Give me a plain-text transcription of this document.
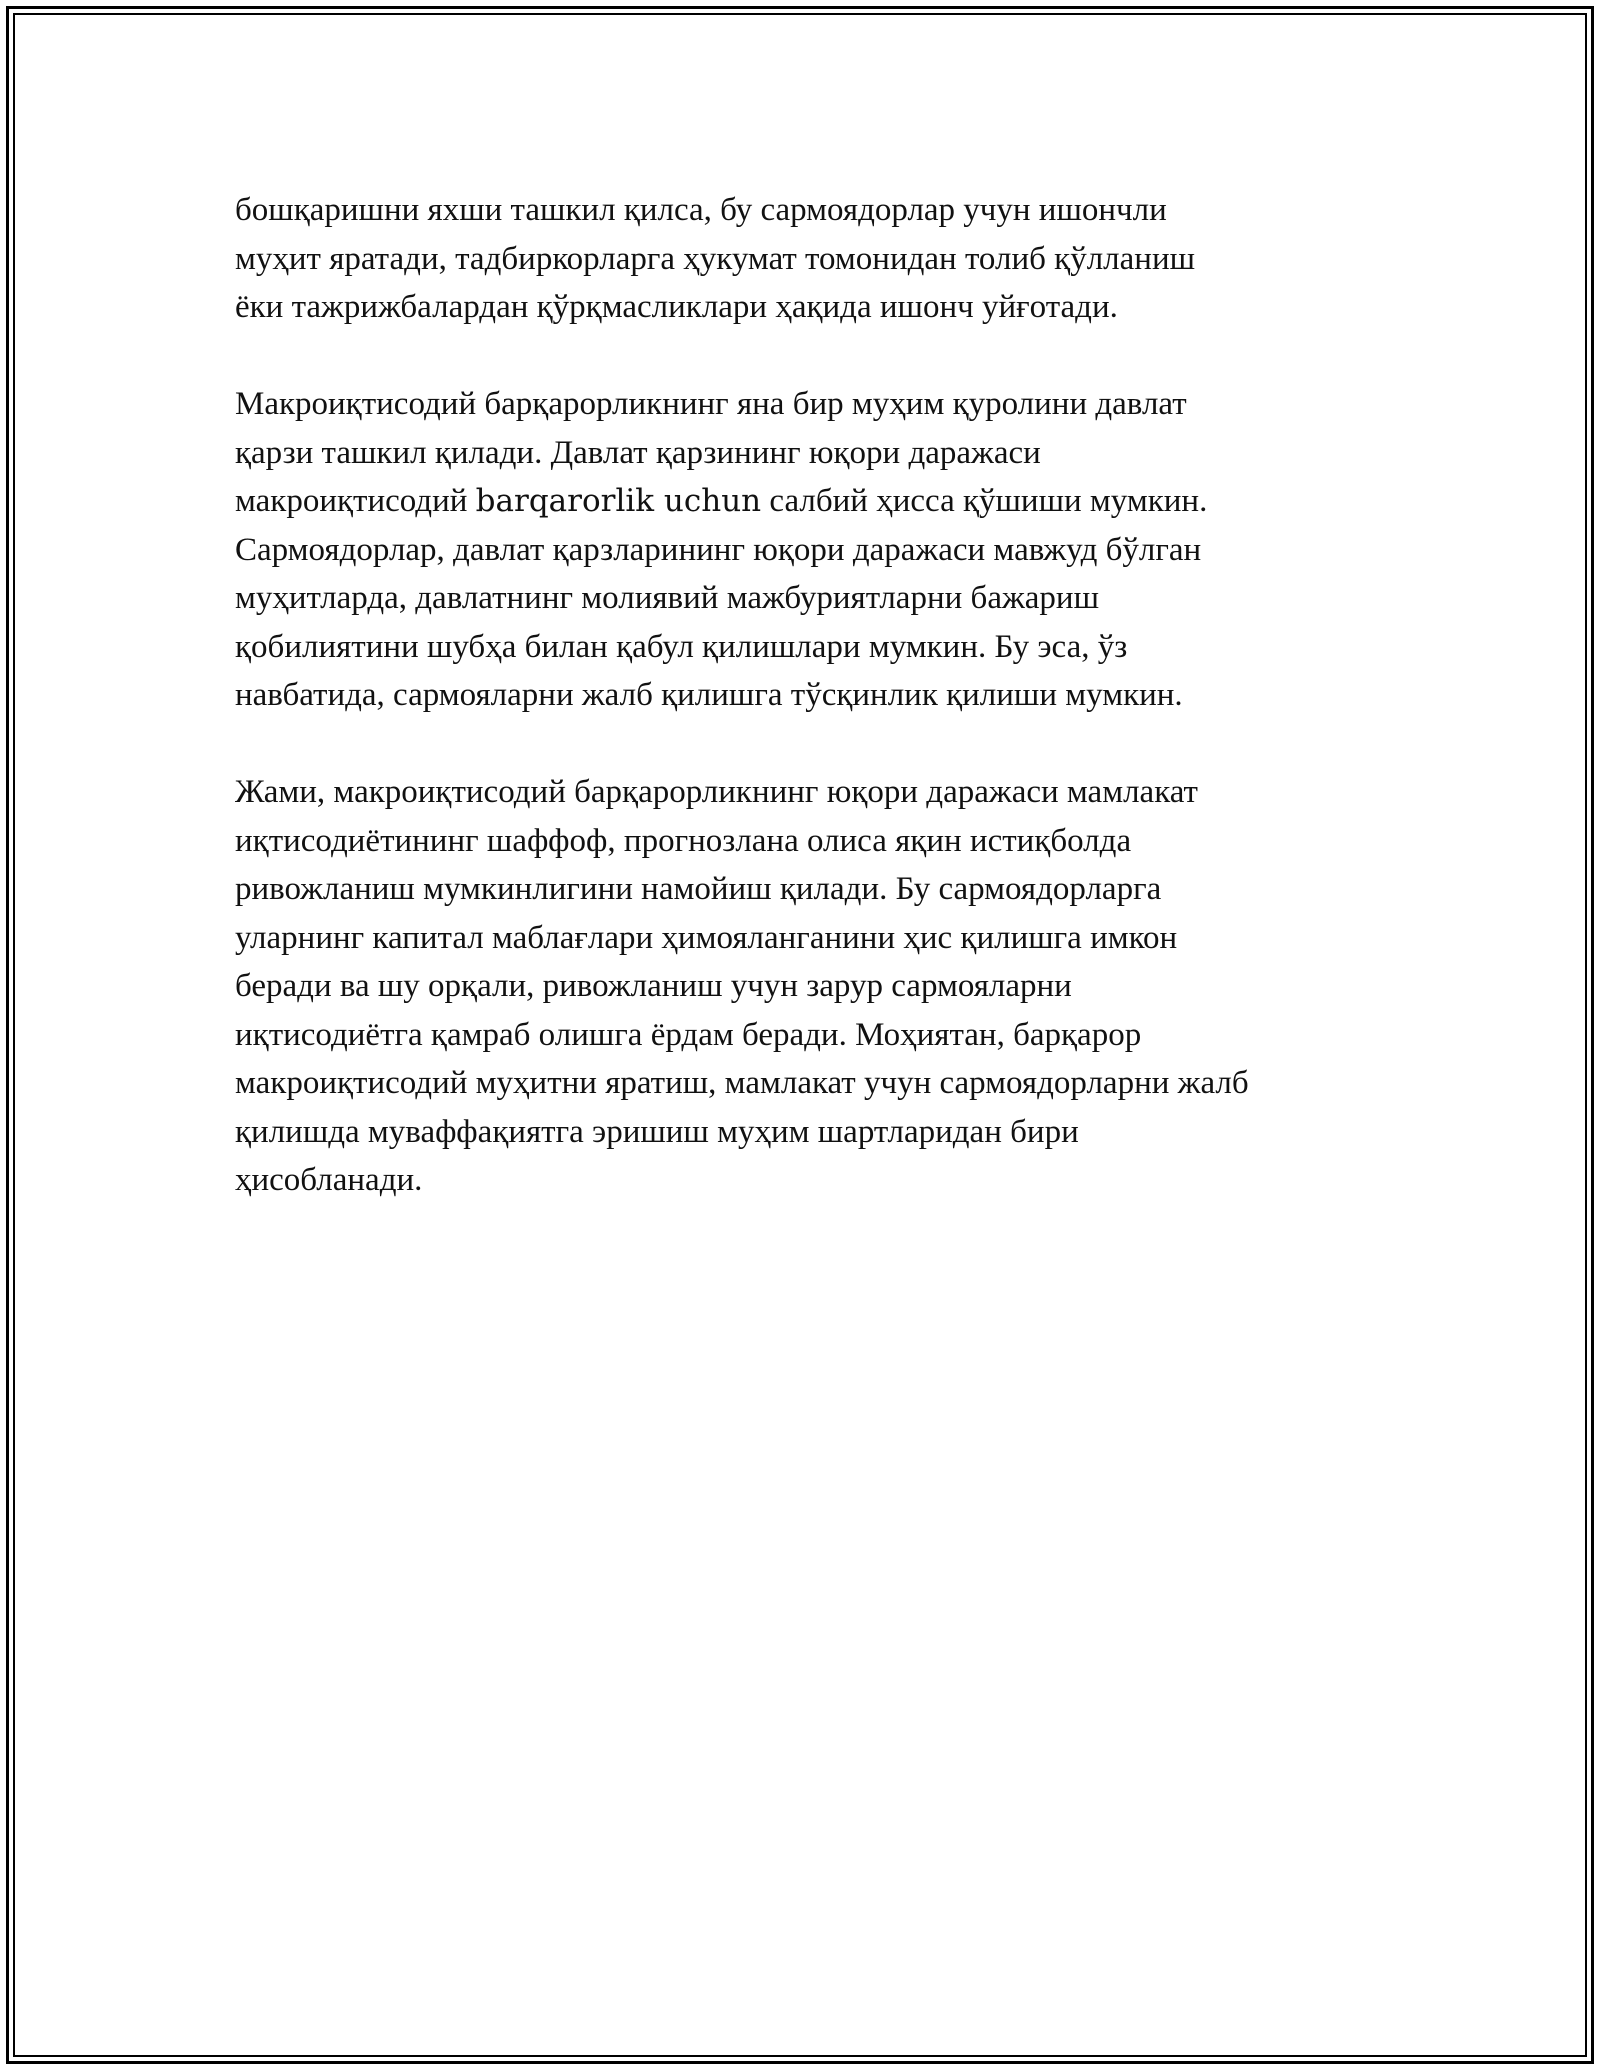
бошқаришни яхши ташкил қилса, бу сармоядорлар учун ишончли
муҳит яратади, тадбиркорларга ҳукумат томонидан толиб қўлланиш
ёки тажрижбалардан қўрқмасликлари ҳақида ишонч уйғотади.

Макроиқтисодий барқарорликнинг яна бир муҳим қуролини давлат
қарзи ташкил қилади. Давлат қарзининг юқори даражаси
макроиқтисодий barqarorlik uchun салбий ҳисса қўшиши мумкин.
Сармоядорлар, давлат қарзларининг юқори даражаси мавжуд бўлган
муҳитларда, давлатнинг молиявий мажбуриятларни бажариш
қобилиятини шубҳа билан қабул қилишлари мумкин. Бу эса, ўз
навбатида, сармояларни жалб қилишга тўсқинлик қилиши мумкин.

Жами, макроиқтисодий барқарорликнинг юқори даражаси мамлакат
иқтисодиётининг шаффоф, прогнозлана олиса яқин истиқболда
ривожланиш мумкинлигини намойиш қилади. Бу сармоядорларга
уларнинг капитал маблағлари ҳимояланганини ҳис қилишга имкон
беради ва шу орқали, ривожланиш учун зарур сармояларни
иқтисодиётга қамраб олишга ёрдам беради. Моҳиятан, барқарор
макроиқтисодий муҳитни яратиш, мамлакат учун сармоядорларни жалб
қилишда муваффақиятга эришиш муҳим шартларидан бири
ҳисобланади.
